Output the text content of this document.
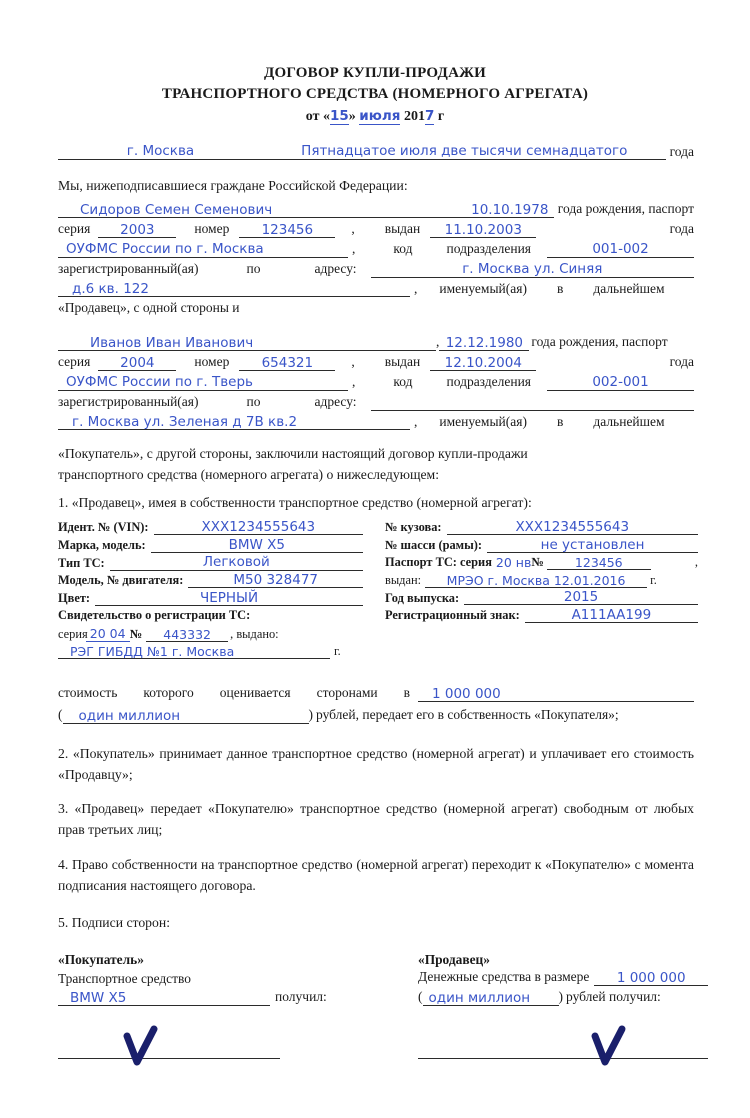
ДОГОВОР КУПЛИ-ПРОДАЖИ
ТРАНСПОРТНОГО СРЕДСТВА (НОМЕРНОГО АГРЕГАТА)
от «15» июля 2017 г
г. Москва	Пятнадцатое июля две тысячи семнадцатого	года
Мы, нижеподписавшиеся граждане Российской Федерации:
Сидоров Семен Семенович	10.10.1978 года рождения, паспорт
серия	2003	номер	123456	, выдан	11.10.2003	года
ОУФМС России по г. Москва	,	код	подразделения	001-002
зарегистрированный(ая)	по	адресу:	г. Москва ул. Синяя
д.6 кв. 122	, именуемый(ая) в дальнейшем
«Продавец», с одной стороны и
Иванов Иван Иванович	, 12.12.1980 года рождения, паспорт
серия	2004	номер	654321	, выдан	12.10.2004	года
ОУФМС России по г. Тверь	,	код	подразделения	002-001
зарегистрированный(ая)	по	адресу:
г. Москва ул. Зеленая д 7В кв.2	, именуемый(ая) в дальнейшем
«Покупатель», с другой стороны, заключили настоящий договор купли-продажи
транспортного средства (номерного агрегата) о нижеследующем:
1. «Продавец», имея в собственности транспортное средство (номерной агрегат):
Идент. № (VIN):	XXX1234555643
Марка, модель:	BMW X5
Тип ТС:	Легковой
Модель, № двигателя:	M50 328477
Цвет:	ЧЕРНЫЙ
Свидетельство о регистрации ТС:
серия 20 04 №	443332	, выдано:
РЭГ ГИБДД №1 г. Москва	г.
№ кузова:	XXX1234555643
№ шасси (рамы):	не установлен
Паспорт ТС: серия 20 нв №	123456	,
выдан:	МРЭО г. Москва 12.01.2016	г.
Год выпуска:	2015
Регистрационный знак:	A111AA199
стоимость которого оценивается сторонами в	1 000 000
(	один миллион	) рублей, передает его в собственность «Покупателя»;
2. «Покупатель» принимает данное транспортное средство (номерной агрегат) и уплачивает его стоимость «Продавцу»;
3. «Продавец» передает «Покупателю» транспортное средство (номерной агрегат) свободным от любых прав третьих лиц;
4. Право собственности на транспортное средство (номерной агрегат) переходит к «Покупателю» с момента подписания настоящего договора.
5. Подписи сторон:
«Покупатель»
Транспортное средство
BMW X5	получил:
«Продавец»
Денежные средства в размере	1 000 000
( один миллион	) рублей получил:
